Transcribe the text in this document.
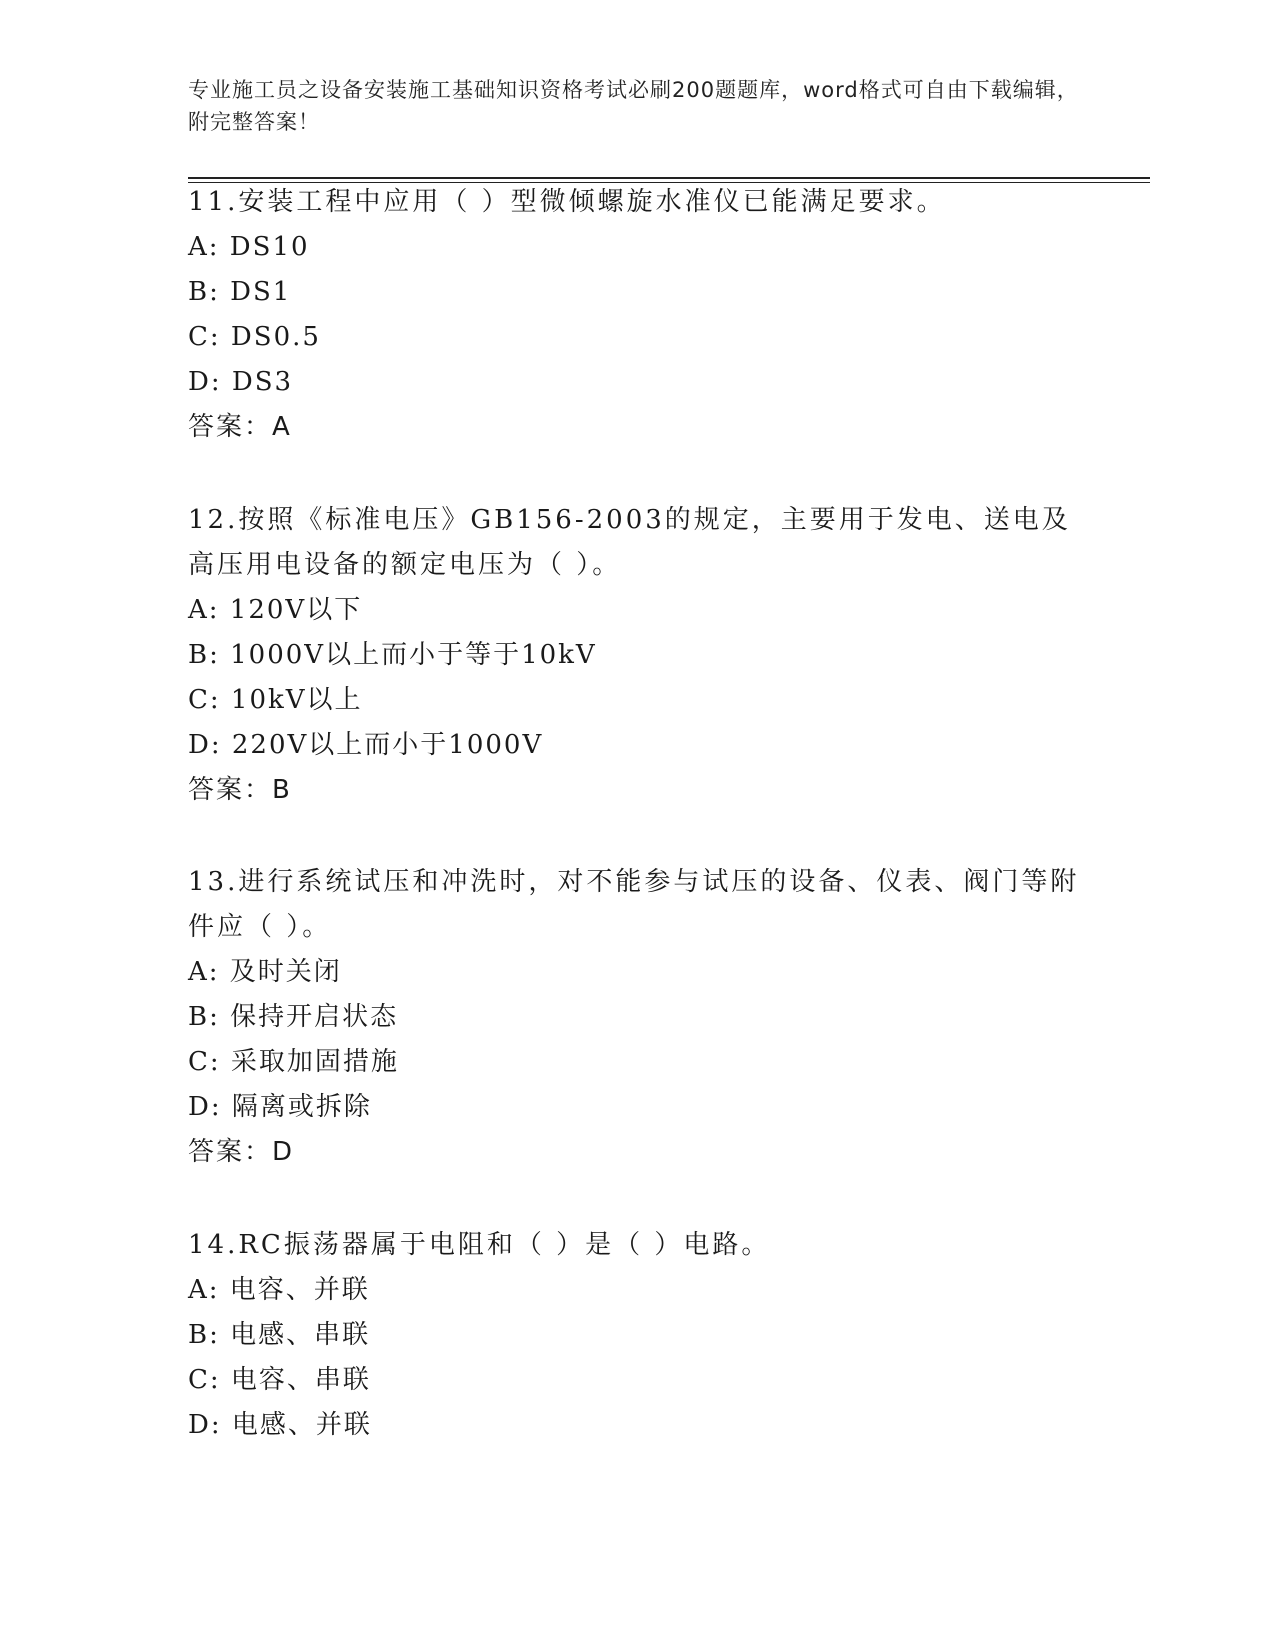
专业施工员之设备安装施工基础知识资格考试必刷200题题库，word格式可自由下载编辑，附完整答案！

11.安装工程中应用（ ）型微倾螺旋水准仪已能满足要求。

A: DS10

B: DS1

C: DS0.5

D: DS3

答案：A

12.按照《标准电压》GB156-2003的规定，主要用于发电、送电及高压用电设备的额定电压为（ ）。

A: 120V以下

B: 1000V以上而小于等于10kV

C: 10kV以上

D: 220V以上而小于1000V

答案：B

13.进行系统试压和冲洗时，对不能参与试压的设备、仪表、阀门等附件应（ ）。

A: 及时关闭

B: 保持开启状态

C: 采取加固措施

D: 隔离或拆除

答案：D

14.RC振荡器属于电阻和（ ）是（ ）电路。

A: 电容、并联

B: 电感、串联

C: 电容、串联

D: 电感、并联
